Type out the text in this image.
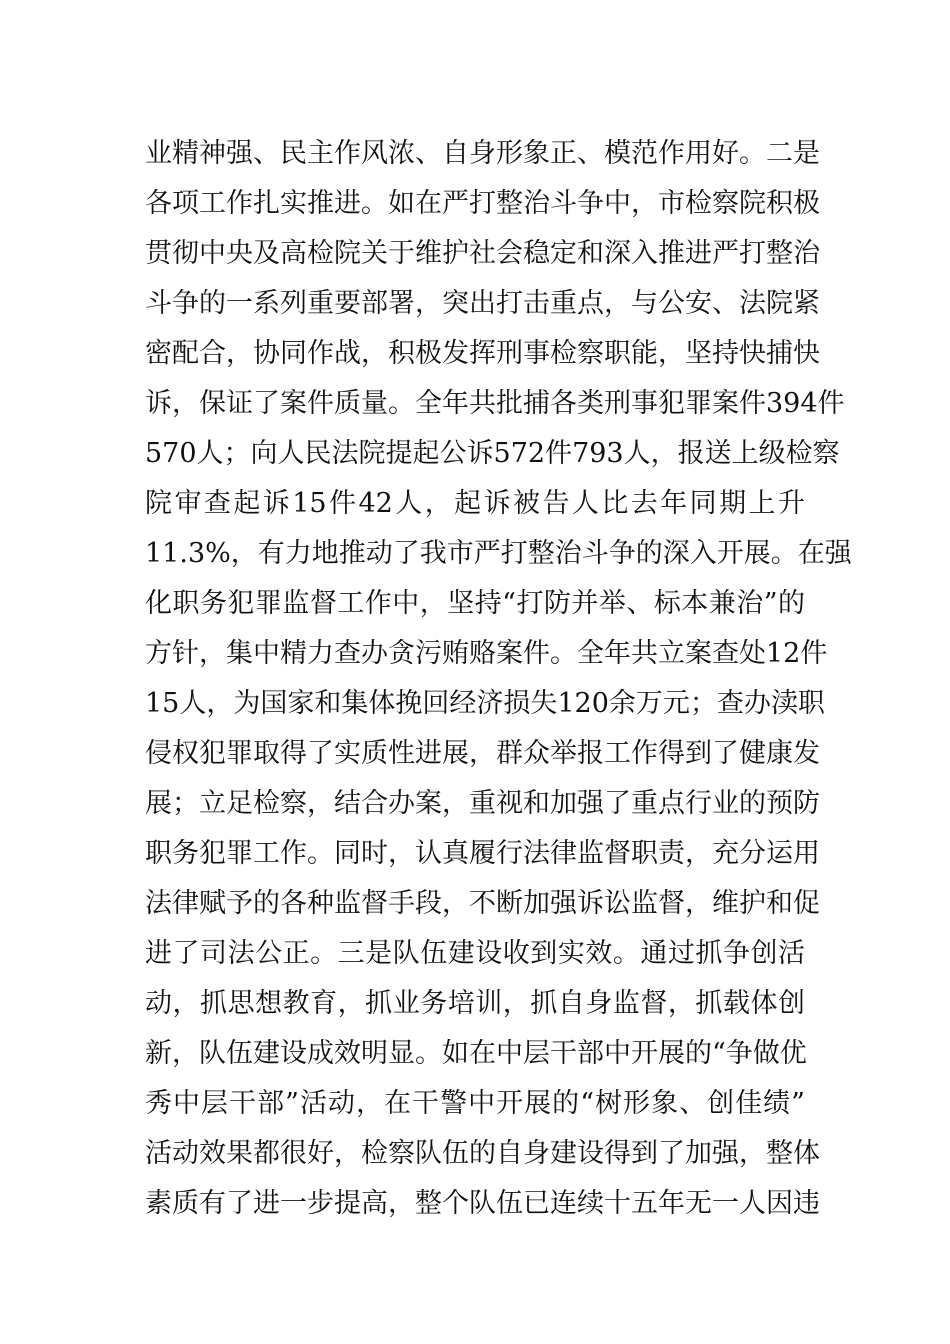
业精神强、民主作风浓、自身形象正、模范作用好。二是
各项工作扎实推进。如在严打整治斗争中，市检察院积极
贯彻中央及高检院关于维护社会稳定和深入推进严打整治
斗争的一系列重要部署，突出打击重点，与公安、法院紧
密配合，协同作战，积极发挥刑事检察职能，坚持快捕快
诉，保证了案件质量。全年共批捕各类刑事犯罪案件394件
570人；向人民法院提起公诉572件793人，报送上级检察
院审查起诉15件42人，起诉被告人比去年同期上升
11.3%，有力地推动了我市严打整治斗争的深入开展。在强
化职务犯罪监督工作中，坚持“打防并举、标本兼治”的
方针，集中精力查办贪污贿赂案件。全年共立案查处12件
15人，为国家和集体挽回经济损失120余万元；查办渎职
侵权犯罪取得了实质性进展，群众举报工作得到了健康发
展；立足检察，结合办案，重视和加强了重点行业的预防
职务犯罪工作。同时，认真履行法律监督职责，充分运用
法律赋予的各种监督手段，不断加强诉讼监督，维护和促
进了司法公正。三是队伍建设收到实效。通过抓争创活
动，抓思想教育，抓业务培训，抓自身监督，抓载体创
新，队伍建设成效明显。如在中层干部中开展的“争做优
秀中层干部”活动，在干警中开展的“树形象、创佳绩”
活动效果都很好，检察队伍的自身建设得到了加强，整体
素质有了进一步提高，整个队伍已连续十五年无一人因违
